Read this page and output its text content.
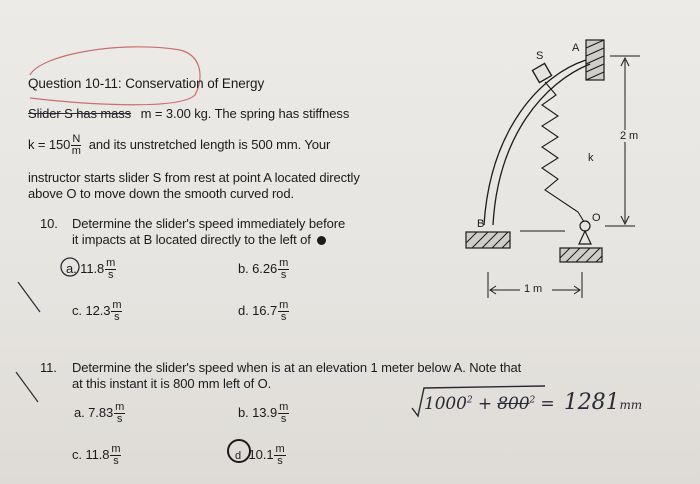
S
A
B	O
k
2 m
1 m
Question 10-11: Conservation of Energy
Slider S has mass m = 3.00 kg. The spring has stiffness
$k = 150 \frac{N}{m}$ and its unstretched length is 500 mm. Your
instructor starts slider S from rest at point A located directly
above O to move down the smooth curved rod.
10. Determine the slider's speed immediately before
it impacts at B located directly to the left of
a. $11.8 \frac{m}{s}$	b. $6.26 \frac{m}{s}$
c. $12.3 \frac{m}{s}$	d. $16.7 \frac{m}{s}$
11. Determine the slider's speed when is at an elevation 1 meter below A. Note that
at this instant it is 800 mm left of O.
a. $7.83 \frac{m}{s}$	b. $13.9 \frac{m}{s}$
c. $11.8 \frac{m}{s}$	d $10.1 \frac{m}{s}$
$1000^2 + 800^2 = 1281mm$
